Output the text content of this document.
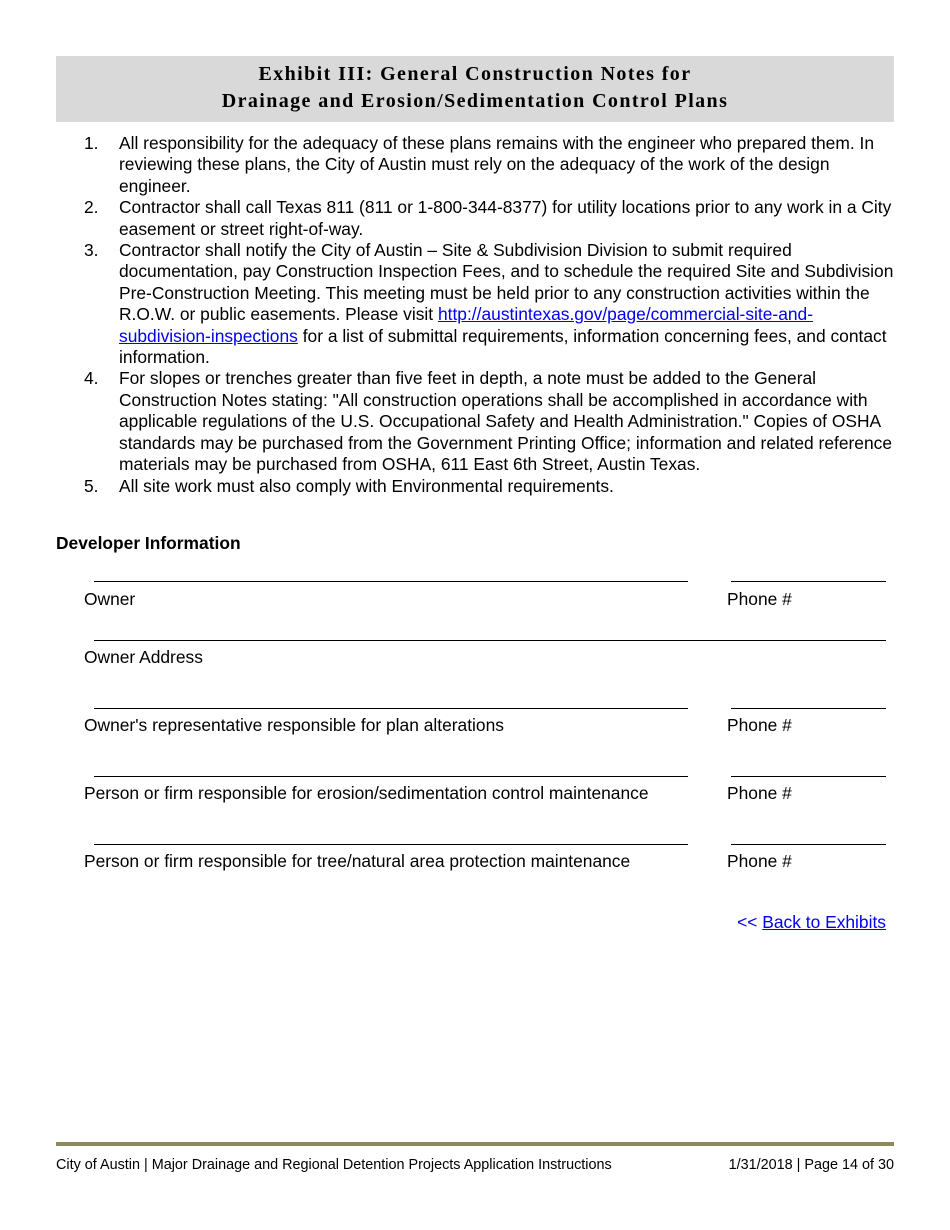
Exhibit III: General Construction Notes for
Drainage and Erosion/Sedimentation Control Plans
1. All responsibility for the adequacy of these plans remains with the engineer who prepared them. In reviewing these plans, the City of Austin must rely on the adequacy of the work of the design engineer.
2. Contractor shall call Texas 811 (811 or 1-800-344-8377) for utility locations prior to any work in a City easement or street right-of-way.
3. Contractor shall notify the City of Austin – Site & Subdivision Division to submit required documentation, pay Construction Inspection Fees, and to schedule the required Site and Subdivision Pre-Construction Meeting. This meeting must be held prior to any construction activities within the R.O.W. or public easements. Please visit http://austintexas.gov/page/commercial-site-and-subdivision-inspections for a list of submittal requirements, information concerning fees, and contact information.
4. For slopes or trenches greater than five feet in depth, a note must be added to the General Construction Notes stating: "All construction operations shall be accomplished in accordance with applicable regulations of the U.S. Occupational Safety and Health Administration." Copies of OSHA standards may be purchased from the Government Printing Office; information and related reference materials may be purchased from OSHA, 611 East 6th Street, Austin Texas.
5. All site work must also comply with Environmental requirements.
Developer Information
Owner	Phone #
Owner Address
Owner's representative responsible for plan alterations	Phone #
Person or firm responsible for erosion/sedimentation control maintenance	Phone #
Person or firm responsible for tree/natural area protection maintenance	Phone #
<< Back to Exhibits
City of Austin | Major Drainage and Regional Detention Projects Application Instructions	1/31/2018 | Page 14 of 30
